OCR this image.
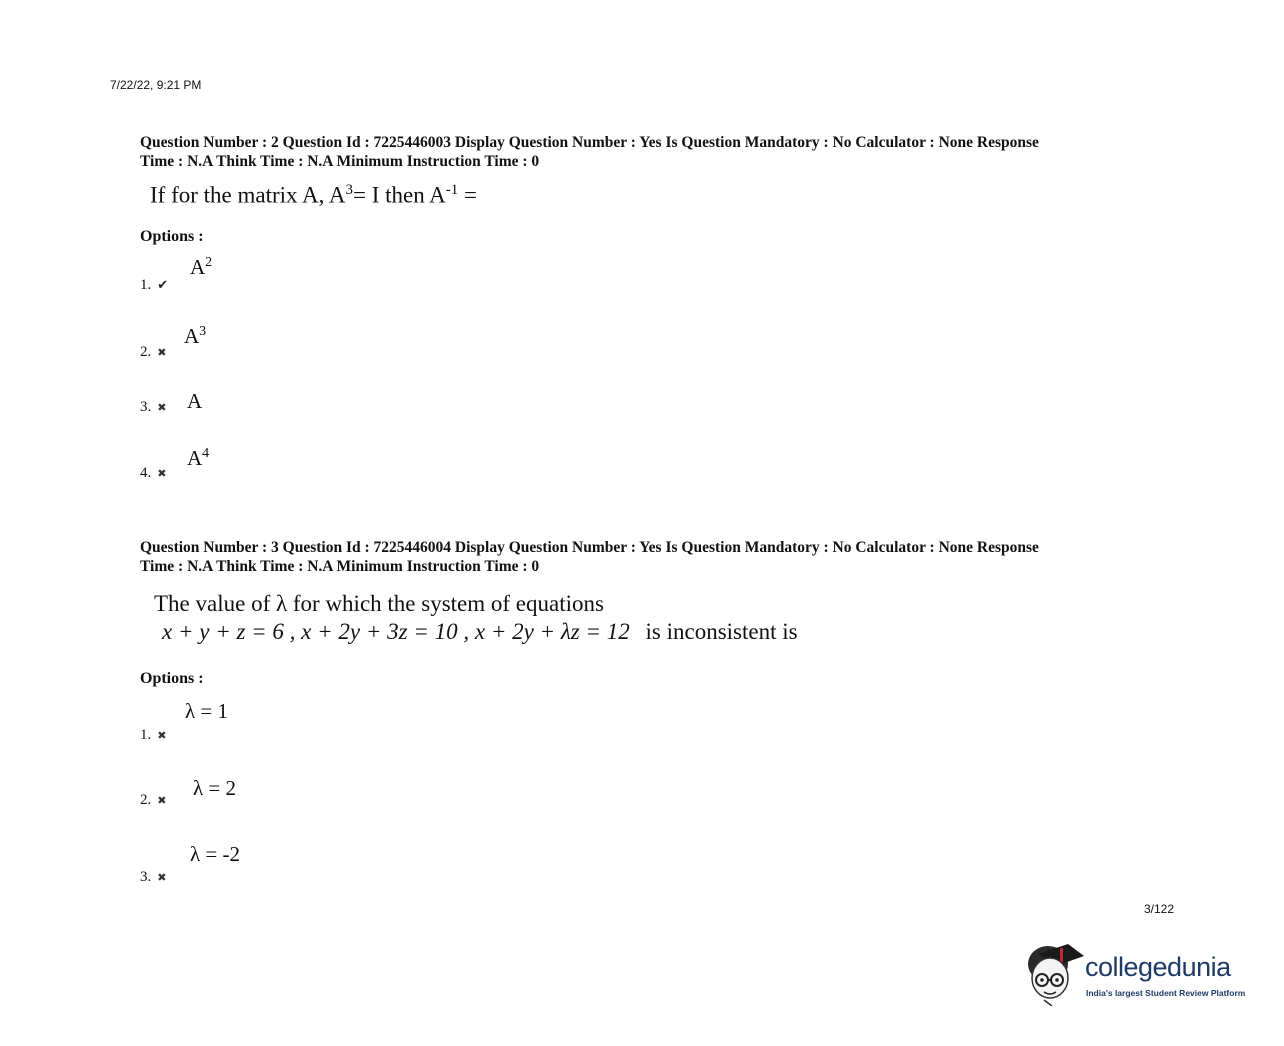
7/22/22, 9:21 PM
Question Number : 2 Question Id : 7225446003 Display Question Number : Yes Is Question Mandatory : No Calculator : None Response
Time : N.A Think Time : N.A Minimum Instruction Time : 0
If for the matrix A, $A^3= I$ then $A^{-1}$ =
Options :
1. ✔
$A^2$
2. ✖
$A^3$
3. ✖ A
4. ✖
$A^4$
Question Number : 3 Question Id : 7225446004 Display Question Number : Yes Is Question Mandatory : No Calculator : None Response
Time : N.A Think Time : N.A Minimum Instruction Time : 0
The value of λ for which the system of equations
x + y + z = 6 , x + 2y + 3z = 10 , x + 2y + λz = 12 is inconsistent is
Options :
1. ✖
λ = 1
2. ✖
λ = 2
3. ✖
λ = -2
3/122
collegedunia
India's largest Student Review Platform
